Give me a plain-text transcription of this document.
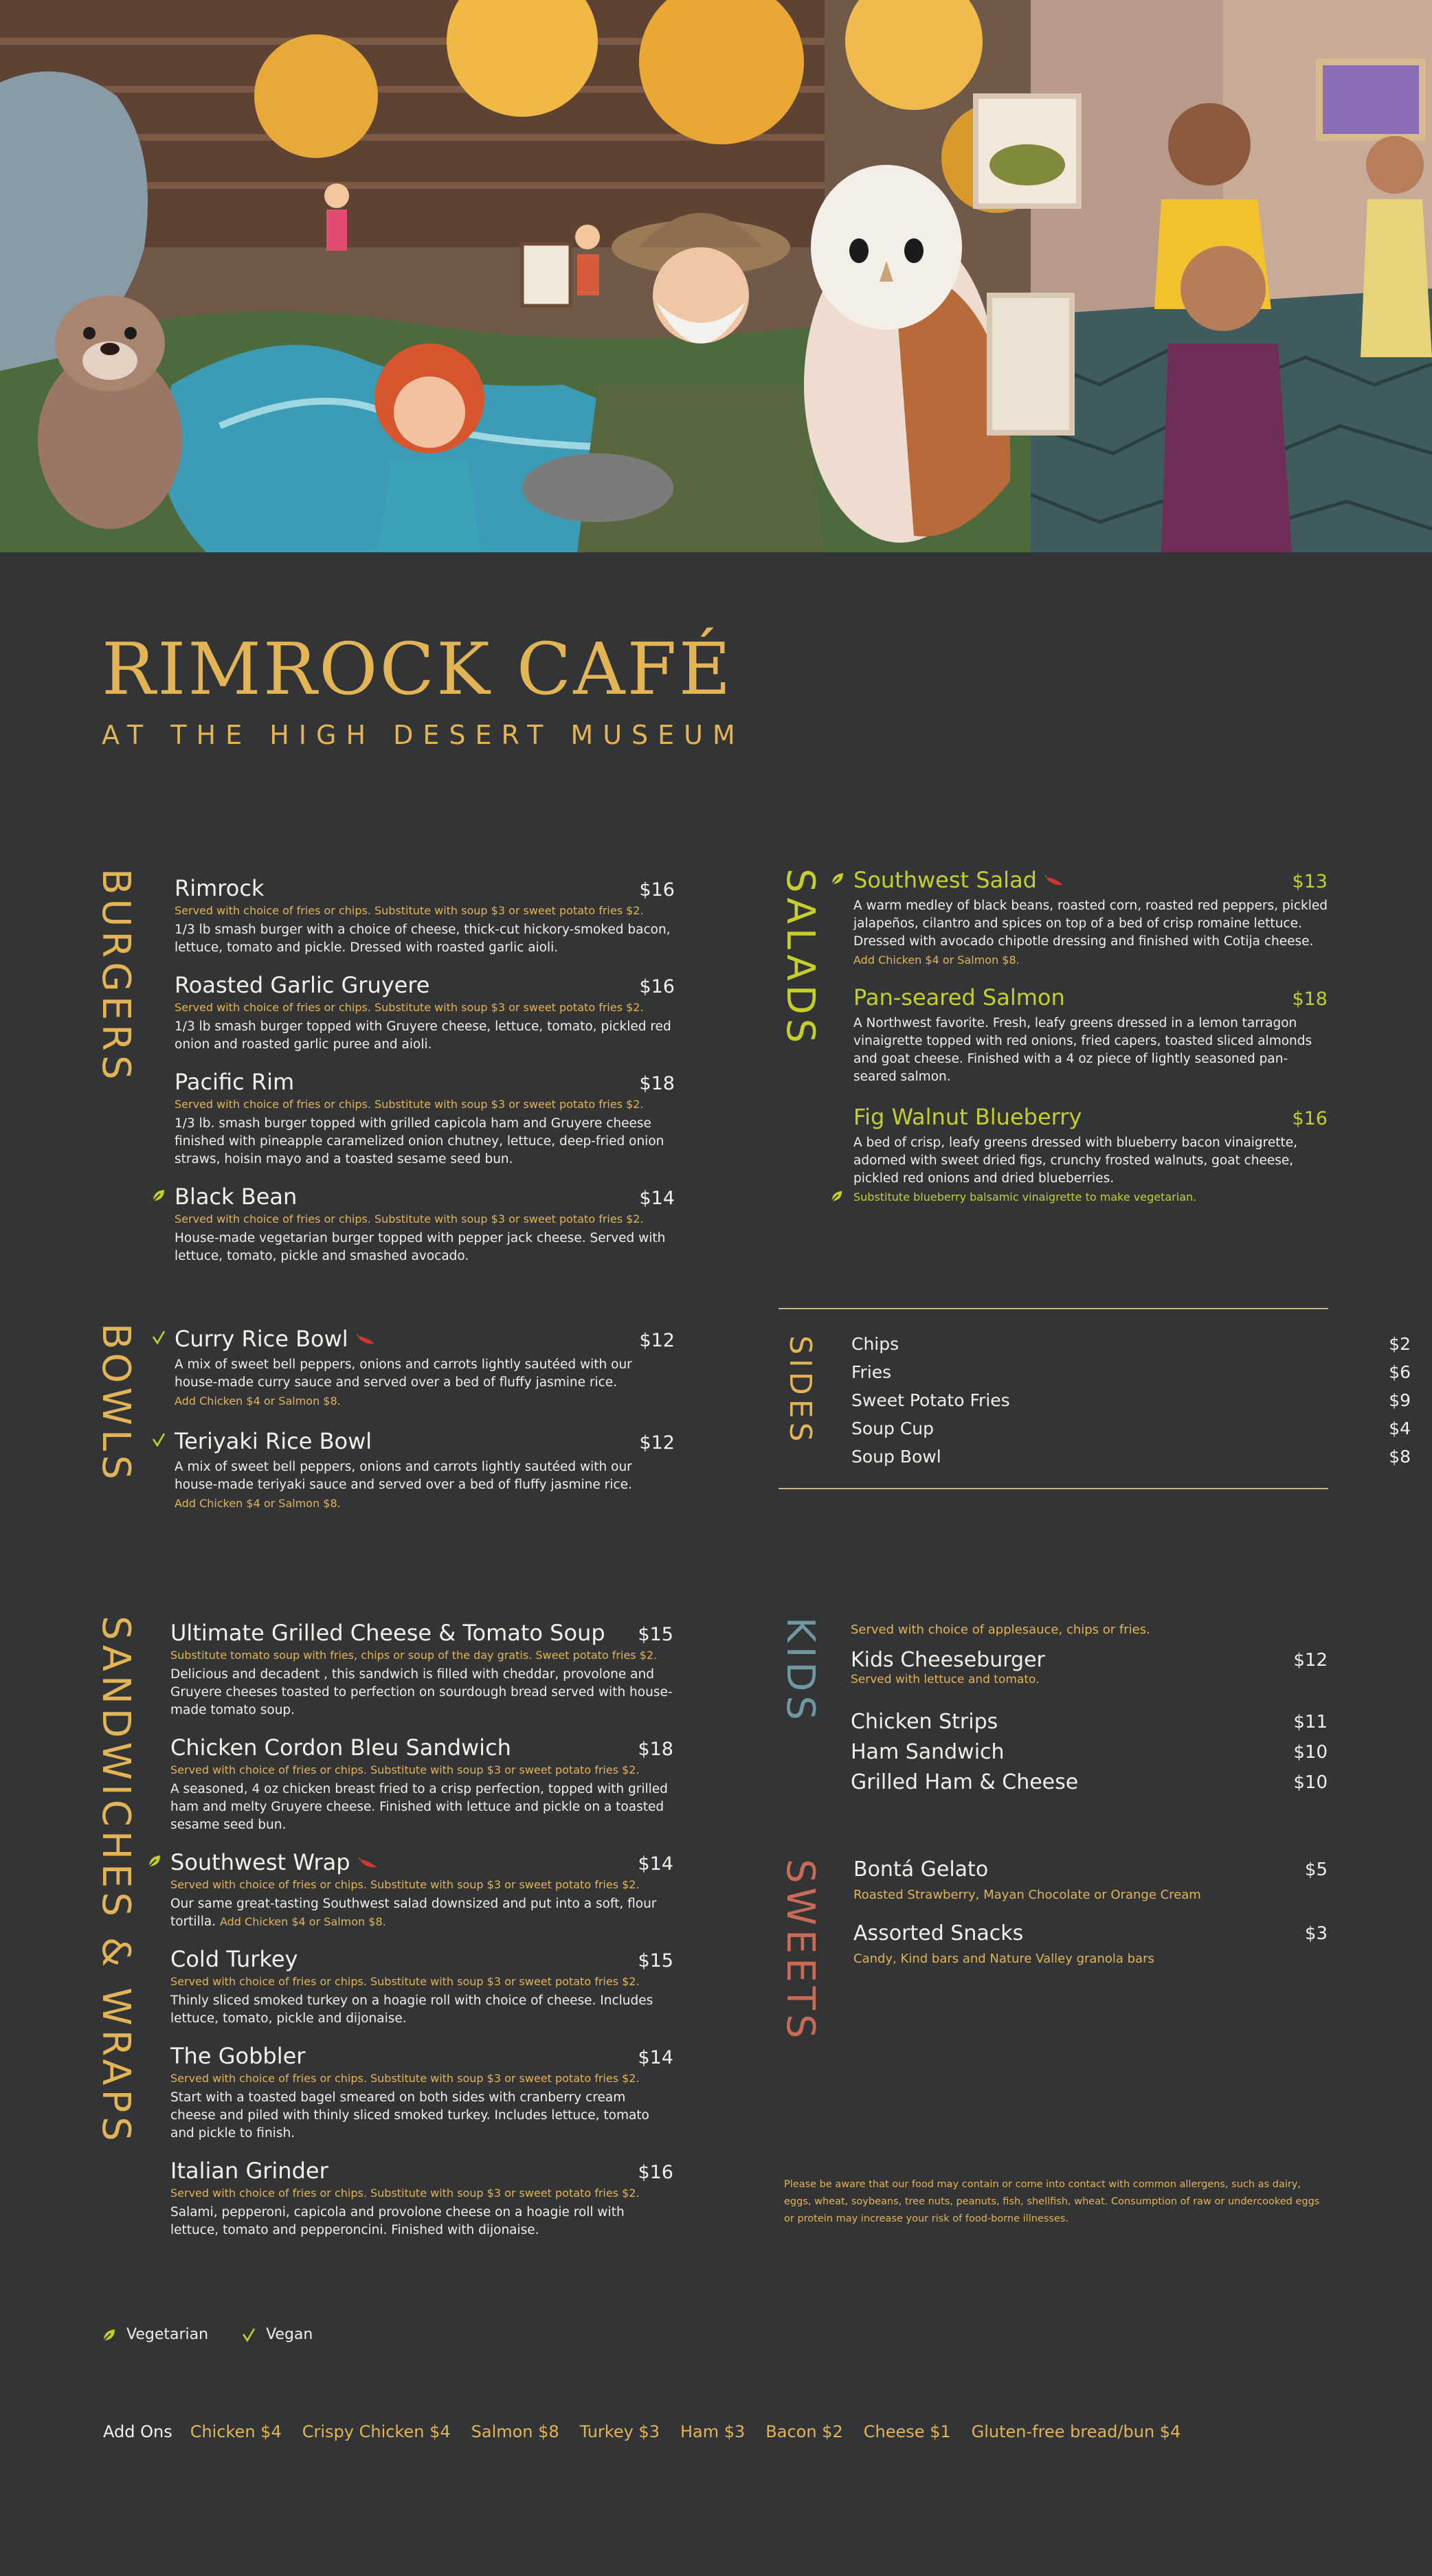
RIMROCK CAFÉ
AT THE HIGH DESERT MUSEUM
BURGERS
BOWLS
SANDWICHES & WRAPS
SALADS
SIDES
KIDS
SWEETS
Rimrock	$16
Served with choice of fries or chips. Substitute with soup $3 or sweet potato fries $2.
1/3 lb smash burger with a choice of cheese, thick-cut hickory-smoked bacon, lettuce, tomato and pickle. Dressed with roasted garlic aioli.
Roasted Garlic Gruyere	$16
Served with choice of fries or chips. Substitute with soup $3 or sweet potato fries $2.
1/3 lb smash burger topped with Gruyere cheese, lettuce, tomato, pickled red onion and roasted garlic puree and aioli.
Pacific Rim	$18
Served with choice of fries or chips. Substitute with soup $3 or sweet potato fries $2.
1/3 lb. smash burger topped with grilled capicola ham and Gruyere cheese finished with pineapple caramelized onion chutney, lettuce, deep-fried onion straws, hoisin mayo and a toasted sesame seed bun.
Black Bean	$14
Served with choice of fries or chips. Substitute with soup $3 or sweet potato fries $2.
House-made vegetarian burger topped with pepper jack cheese. Served with lettuce, tomato, pickle and smashed avocado.
Curry Rice Bowl	$12
A mix of sweet bell peppers, onions and carrots lightly sautéed with our house-made curry sauce and served over a bed of fluffy jasmine rice.
Add Chicken $4 or Salmon $8.
Teriyaki Rice Bowl	$12
A mix of sweet bell peppers, onions and carrots lightly sautéed with our house-made teriyaki sauce and served over a bed of fluffy jasmine rice.
Add Chicken $4 or Salmon $8.
Ultimate Grilled Cheese & Tomato Soup $15
Substitute tomato soup with fries, chips or soup of the day gratis. Sweet potato fries $2.
Delicious and decadent , this sandwich is filled with cheddar, provolone and Gruyere cheeses toasted to perfection on sourdough bread served with house-made tomato soup.
Chicken Cordon Bleu Sandwich	$18
Served with choice of fries or chips. Substitute with soup $3 or sweet potato fries $2.
A seasoned, 4 oz chicken breast fried to a crisp perfection, topped with grilled ham and melty Gruyere cheese. Finished with lettuce and pickle on a toasted sesame seed bun.
Southwest Wrap	$14
Served with choice of fries or chips. Substitute with soup $3 or sweet potato fries $2.
Our same great-tasting Southwest salad downsized and put into a soft, flour tortilla. Add Chicken $4 or Salmon $8.
Cold Turkey	$15
Served with choice of fries or chips. Substitute with soup $3 or sweet potato fries $2.
Thinly sliced smoked turkey on a hoagie roll with choice of cheese. Includes lettuce, tomato, pickle and dijonaise.
The Gobbler	$14
Served with choice of fries or chips. Substitute with soup $3 or sweet potato fries $2.
Start with a toasted bagel smeared on both sides with cranberry cream cheese and piled with thinly sliced smoked turkey. Includes lettuce, tomato and pickle to finish.
Italian Grinder	$16
Served with choice of fries or chips. Substitute with soup $3 or sweet potato fries $2.
Salami, pepperoni, capicola and provolone cheese on a hoagie roll with lettuce, tomato and pepperoncini. Finished with dijonaise.
Southwest Salad	$13
A warm medley of black beans, roasted corn, roasted red peppers, pickled jalapeños, cilantro and spices on top of a bed of crisp romaine lettuce. Dressed with avocado chipotle dressing and finished with Cotija cheese.
Add Chicken $4 or Salmon $8.
Pan-seared Salmon	$18
A Northwest favorite. Fresh, leafy greens dressed in a lemon tarragon vinaigrette topped with red onions, fried capers, toasted sliced almonds and goat cheese. Finished with a 4 oz piece of lightly seasoned pan-seared salmon.
Fig Walnut Blueberry	$16
A bed of crisp, leafy greens dressed with blueberry bacon vinaigrette, adorned with sweet dried figs, crunchy frosted walnuts, goat cheese, pickled red onions and dried blueberries.
Substitute blueberry balsamic vinaigrette to make vegetarian.
Chips	$2
Fries	$6
Sweet Potato Fries	$9
Soup Cup	$4
Soup Bowl	$8
Served with choice of applesauce, chips or fries.
Kids Cheeseburger	$12
Served with lettuce and tomato.
Chicken Strips	$11
Ham Sandwich	$10
Grilled Ham & Cheese	$10
Bontá Gelato	$5
Roasted Strawberry, Mayan Chocolate or Orange Cream
Assorted Snacks	$3
Candy, Kind bars and Nature Valley granola bars
Please be aware that our food may contain or come into contact with common allergens, such as dairy, eggs, wheat, soybeans, tree nuts, peanuts, fish, shellfish, wheat. Consumption of raw or undercooked eggs or protein may increase your risk of food-borne illnesses.
Vegetarian	Vegan
Add Ons Chicken $4 Crispy Chicken $4 Salmon $8 Turkey $3 Ham $3 Bacon $2 Cheese $1 Gluten-free bread/bun $4
